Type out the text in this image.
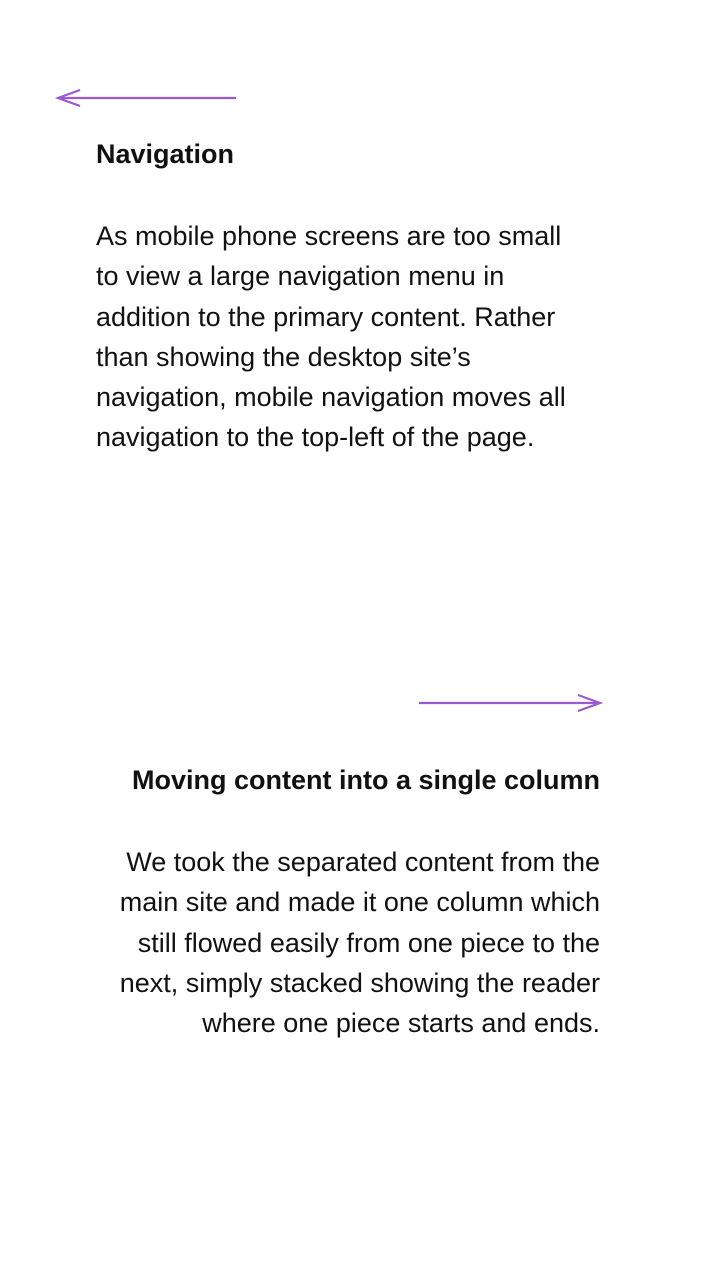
Navigation

As mobile phone screens are too small to view a large navigation menu in addition to the primary content. Rather than showing the desktop site’s navigation, mobile navigation moves all navigation to the top-left of the page.

Moving content into a single column

We took the separated content from the main site and made it one column which still flowed easily from one piece to the next, simply stacked showing the reader where one piece starts and ends.
